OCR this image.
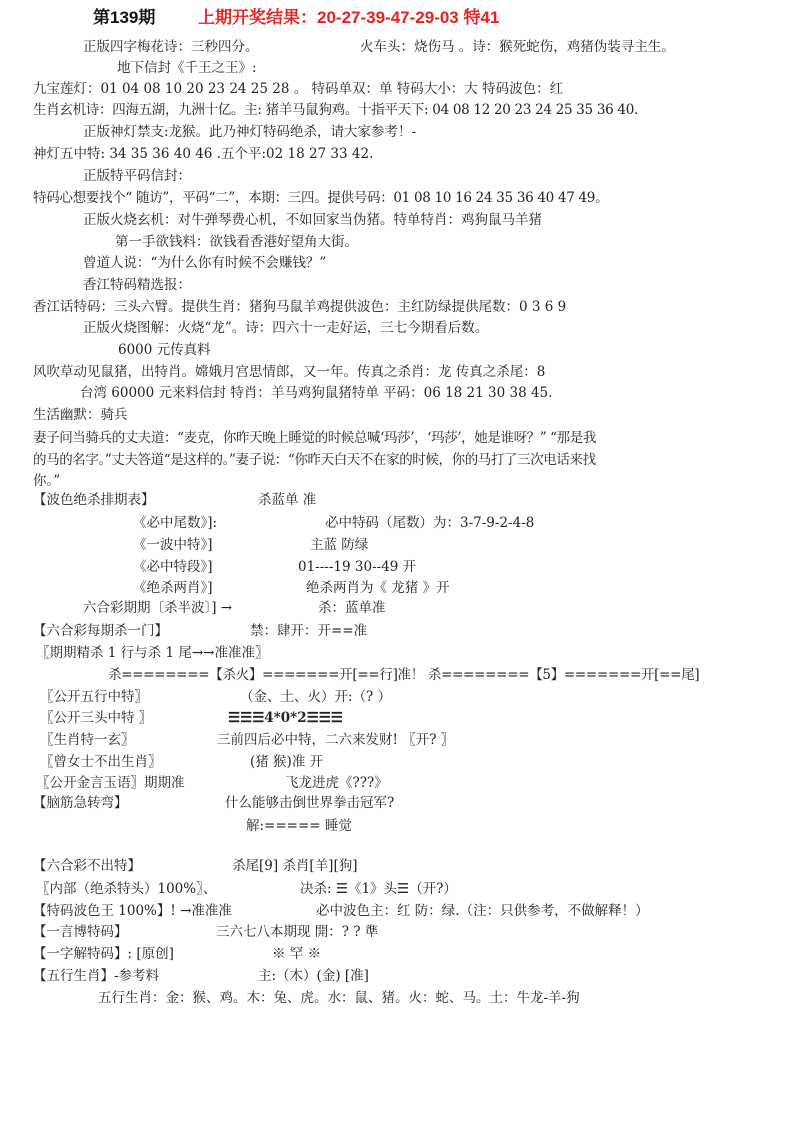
第139期	上期开奖结果：20-27-39-47-29-03 特41
正版四字梅花诗：三秒四分。	火车头：烧伤马 。诗：猴死蛇伤，鸡猪伪装寻主生。
地下信封《千王之王》:
九宝莲灯：01 04 08 10 20 23 24 25 28 。 特码单双：单 特码大小：大 特码波色：红
生肖玄机诗：四海五湖，九洲十亿。主: 猪羊马鼠狗鸡。十指平天下: 04 08 12 20 23 24 25 35 36 40.
正版神灯禁支:龙猴。此乃神灯特码绝杀，请大家参考！-
神灯五中特: 34 35 36 40 46 .五个平:02 18 27 33 42.
正版特平码信封：
特码心想要找个“ 随访”，平码“二”，本期：三四。提供号码：01 08 10 16 24 35 36 40 47 49。
正版火烧玄机：对牛弹琴费心机，不如回家当伪猪。特单特肖：鸡狗鼠马羊猪
第一手欲钱料：欲钱看香港好望角大街。
曾道人说：“为什么你有时候不会赚钱？”
香江特码精选报：
香江话特码：三头六臂。提供生肖：猪狗马鼠羊鸡提供波色：主红防绿提供尾数：0 3 6 9
正版火烧图解：火烧“龙”。诗：四六十一走好运，三七今期看后数。
6000 元传真料
风吹草动见鼠猪，出特肖。嫦娥月宫思情郎，又一年。传真之杀肖：龙 传真之杀尾：8
台湾 60000 元来料信封 特肖：羊马鸡狗鼠猪特单 平码：06 18 21 30 38 45.
生活幽默：骑兵
妻子问当骑兵的丈夫道：“麦克，你昨天晚上睡觉的时候总喊‘玛莎’，‘玛莎’，她是谁呀？” “那是我
的马的名字。”丈夫答道“是这样的。”妻子说：“你昨天白天不在家的时候，你的马打了三次电话来找
你。”
【波色绝杀排期表】	杀蓝单 准
《必中尾数》]:	必中特码（尾数）为：3-7-9-2-4-8
《一波中特》]	主蓝 防绿
《必中特段》]	01----19 30--49 开
《绝杀两肖》]	绝杀两肖为《 龙猪 》开
六合彩期期〔杀半波〕] →	杀：蓝单准
【六合彩每期杀一门】	禁：肆开：开==准
〖期期精杀 1 行与杀 1 尾→→准准准〗
杀========【杀火】=======开[==行]准！ 杀========【5】=======开[==尾]
〖公开五行中特〗	（金、土、火）开:（? ）
〖公开三头中特 〗	☰☰☰4*0*2☰☰☰
〖生肖特一玄〗	三前四后必中特，二六来发财! 〖开? 〗
〖曾女士不出生肖〗	(猪 猴)准 开
〖公开金言玉语〗期期准	飞龙进虎《???》
【脑筋急转弯】	什么能够击倒世界拳击冠军?
解:===== 睡觉
【六合彩不出特】	杀尾[9] 杀肖[羊][狗]
〖内部（绝杀特头）100%〗、	决杀: ☰《1》头☰（开?）
【特码波色王 100%】! →准准准	必中波色主：红 防：绿.（注：只供参考，不做解释！）
【一言博特码】	三六七八本期现 開：? ? 準
【一字解特码】: [原创]	※ 罕 ※
【五行生肖】-参考料	主:（木）(金) [准]
五行生肖：金：猴、鸡。木：兔、虎。水：鼠、猪。火：蛇、马。土：牛龙-羊-狗
